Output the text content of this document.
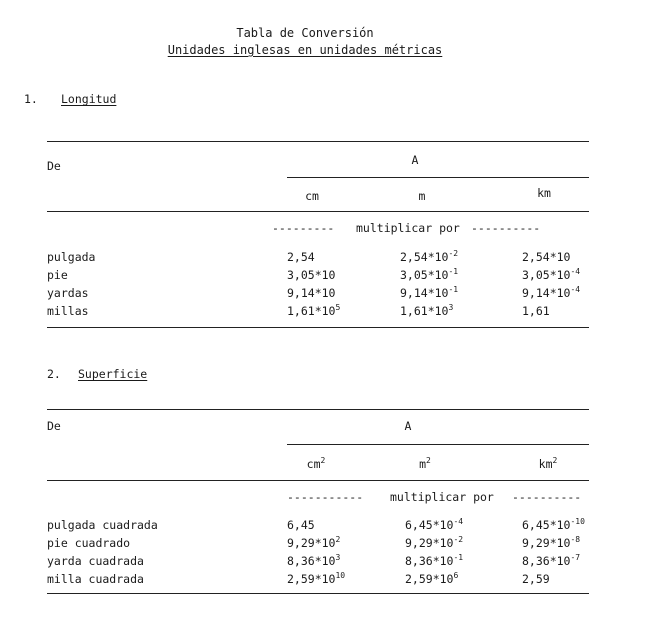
Tabla de Conversión
Unidades inglesas en unidades métricas
1. Longitud
De	A
cm	m	km
--------- multiplicar por ----------
pulgada	2,54	$2,54*10^{-2}$	2,54*10
pie	3,05*10	$3,05*10^{-1}$	$3,05*10^{-4}$
yardas	9,14*10	$9,14*10^{-1}$	$9,14*10^{-4}$
millas	$1,61*10^5$	$1,61*10^3$	1,61
2. Superficie
De	A
$cm^2$	$m^2$	$km^2$
----------- multiplicar por ----------
pulgada cuadrada	6,45	$6,45*10^{-4}$	$6,45*10^{-10}$
pie cuadrado	$9,29*10^2$	$9,29*10^{-2}$	$9,29*10^{-8}$
yarda cuadrada	$8,36*10^3$	$8,36*10^{-1}$	$8,36*10^{-7}$
milla cuadrada	$2,59*10^{10}$	$2,59*10^6$	2,59
